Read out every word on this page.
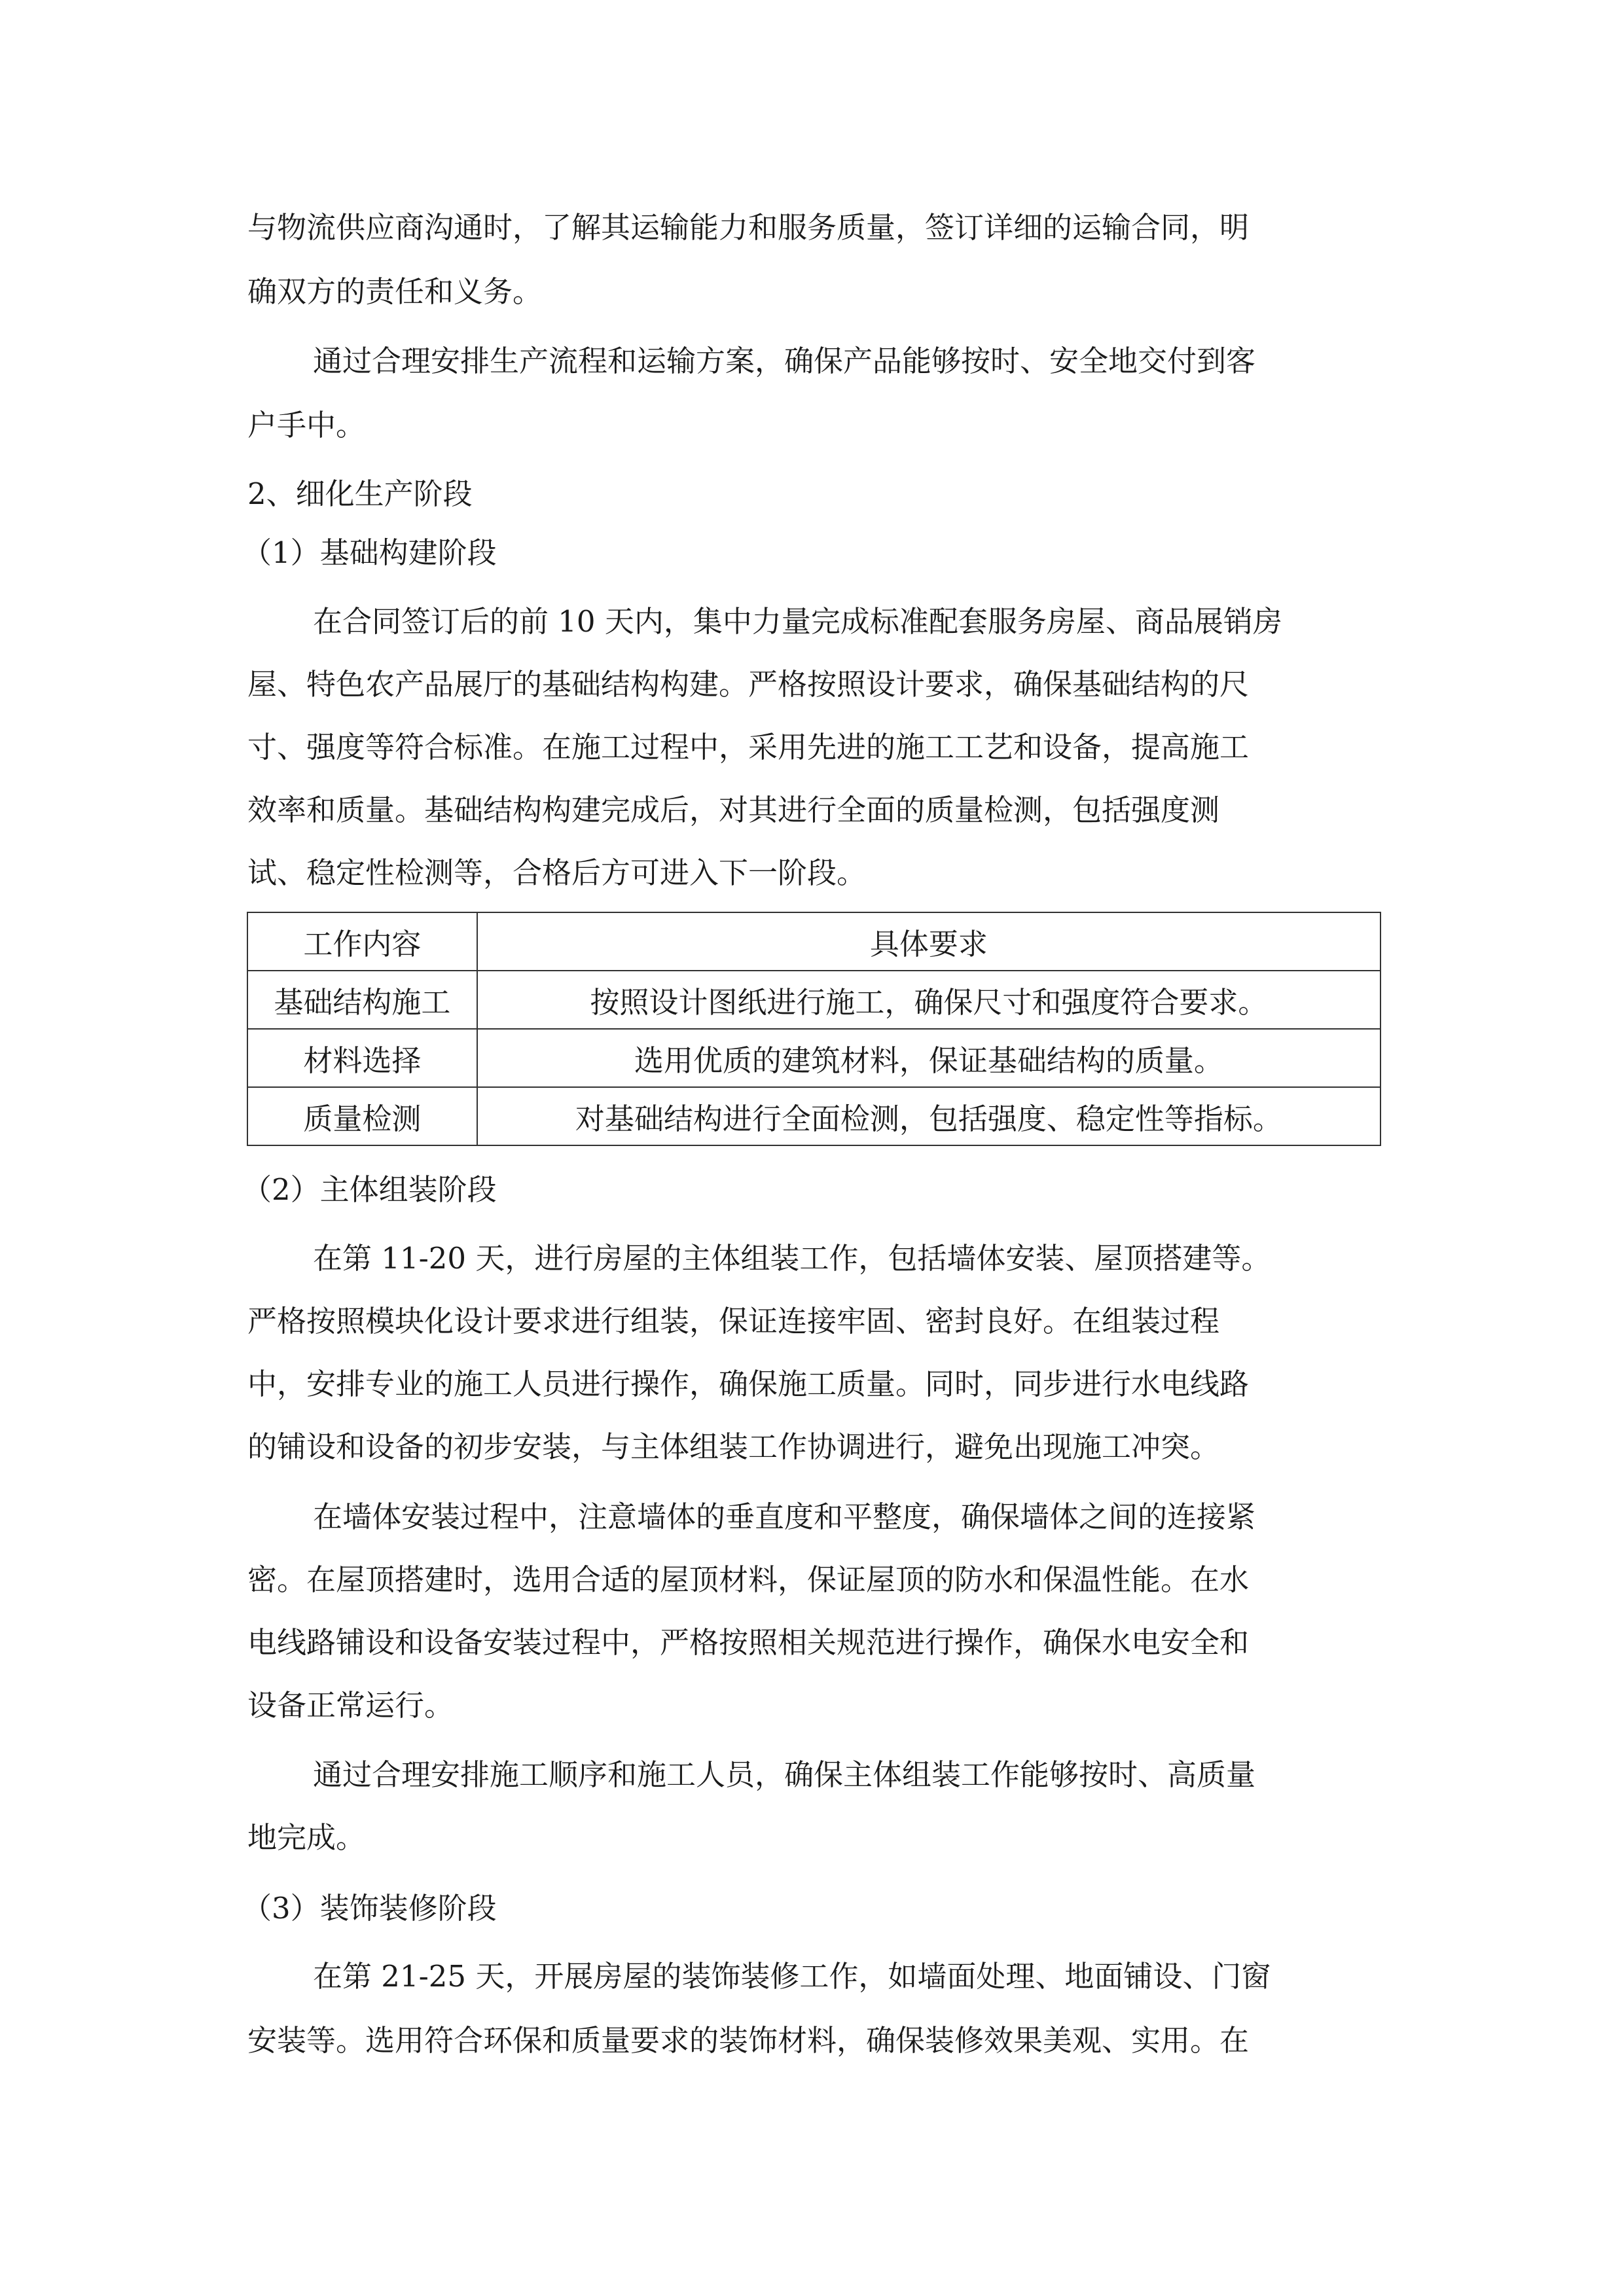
与物流供应商沟通时，了解其运输能力和服务质量，签订详细的运输合同，明

确双方的责任和义务。

通过合理安排生产流程和运输方案，确保产品能够按时、安全地交付到客

户手中。

2、细化生产阶段

（1）基础构建阶段

在合同签订后的前 10 天内，集中力量完成标准配套服务房屋、商品展销房

屋、特色农产品展厅的基础结构构建。严格按照设计要求，确保基础结构的尺

寸、强度等符合标准。在施工过程中，采用先进的施工工艺和设备，提高施工

效率和质量。基础结构构建完成后，对其进行全面的质量检测，包括强度测

试、稳定性检测等，合格后方可进入下一阶段。

工作内容	具体要求
基础结构施工	按照设计图纸进行施工，确保尺寸和强度符合要求。
材料选择	选用优质的建筑材料，保证基础结构的质量。
质量检测	对基础结构进行全面检测，包括强度、稳定性等指标。

（2）主体组装阶段

在第 11-20 天，进行房屋的主体组装工作，包括墙体安装、屋顶搭建等。

严格按照模块化设计要求进行组装，保证连接牢固、密封良好。在组装过程

中，安排专业的施工人员进行操作，确保施工质量。同时，同步进行水电线路

的铺设和设备的初步安装，与主体组装工作协调进行，避免出现施工冲突。

在墙体安装过程中，注意墙体的垂直度和平整度，确保墙体之间的连接紧

密。在屋顶搭建时，选用合适的屋顶材料，保证屋顶的防水和保温性能。在水

电线路铺设和设备安装过程中，严格按照相关规范进行操作，确保水电安全和

设备正常运行。

通过合理安排施工顺序和施工人员，确保主体组装工作能够按时、高质量

地完成。

（3）装饰装修阶段

在第 21-25 天，开展房屋的装饰装修工作，如墙面处理、地面铺设、门窗

安装等。选用符合环保和质量要求的装饰材料，确保装修效果美观、实用。在
